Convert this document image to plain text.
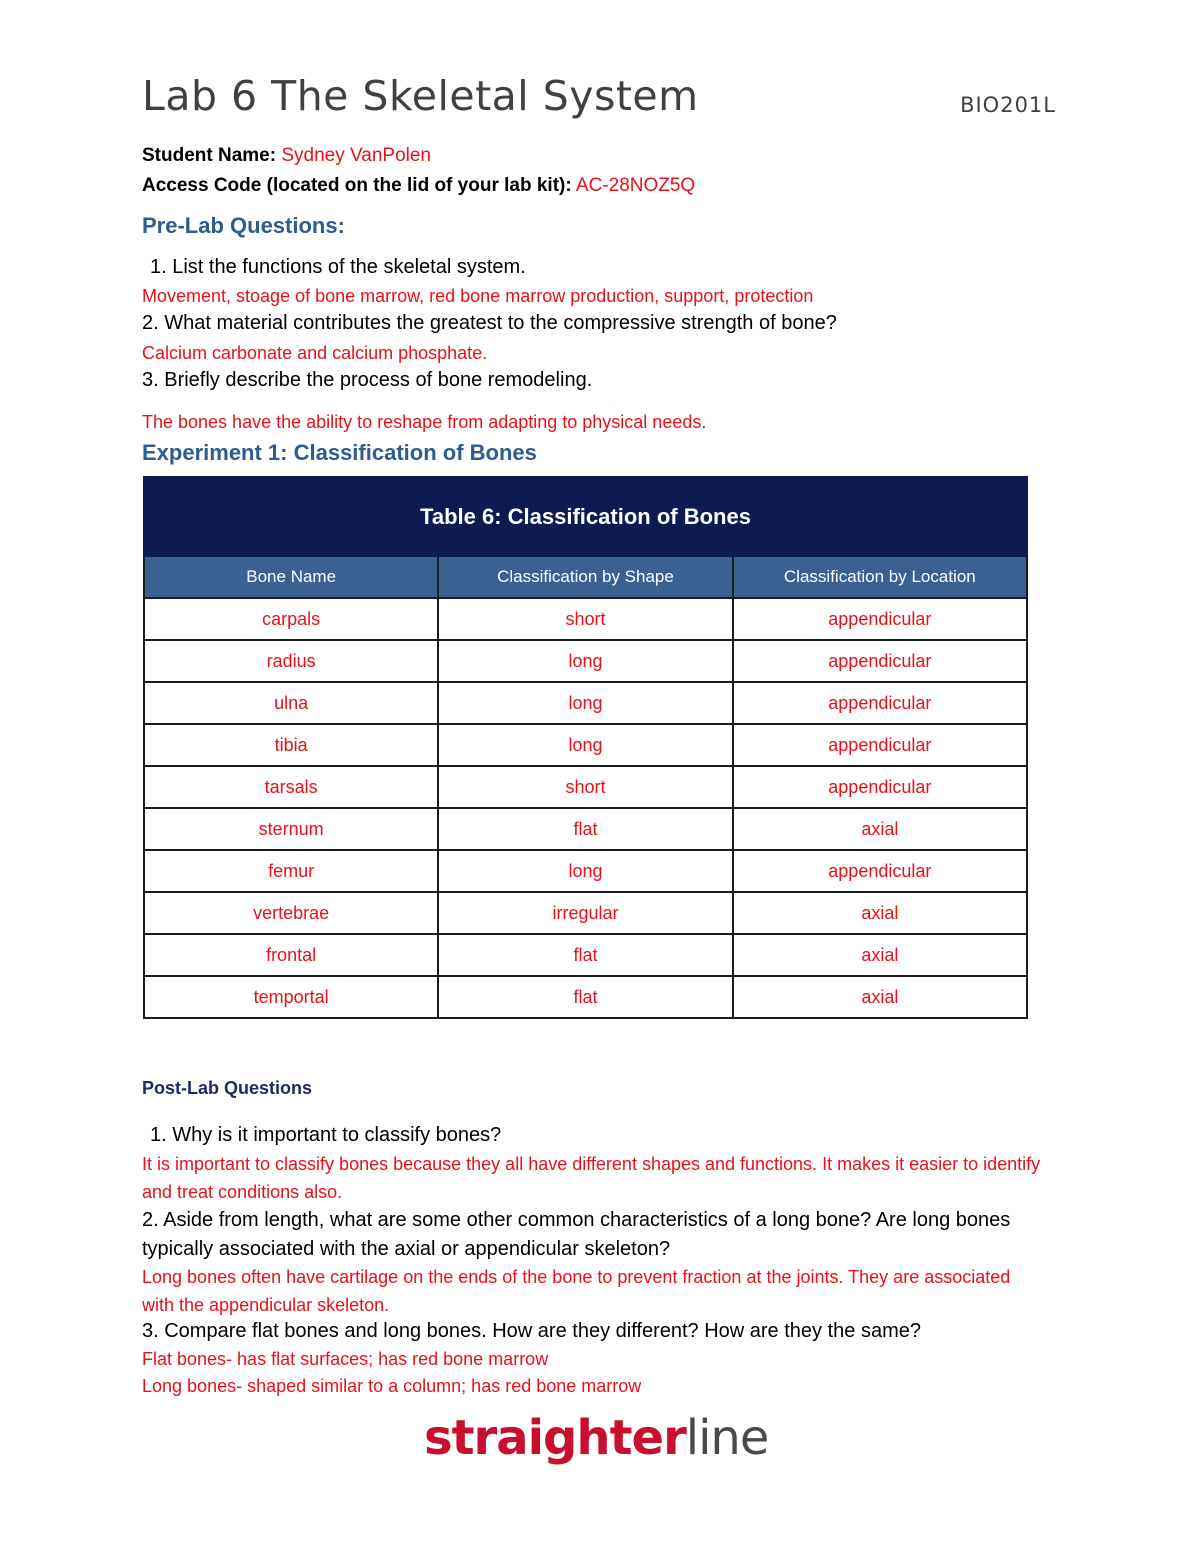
Lab 6 The Skeletal System	BIO201L
Student Name: Sydney VanPolen
Access Code (located on the lid of your lab kit): AC-28NOZ5Q
Pre-Lab Questions:
1. List the functions of the skeletal system.
Movement, stoage of bone marrow, red bone marrow production, support, protection
2. What material contributes the greatest to the compressive strength of bone?
Calcium carbonate and calcium phosphate.
3. Briefly describe the process of bone remodeling.
The bones have the ability to reshape from adapting to physical needs.
Experiment 1: Classification of Bones
Table 6: Classification of Bones		
Bone Name	Classification by Shape	Classification by Location
carpals	short	appendicular
radius	long	appendicular
ulna	long	appendicular
tibia	long	appendicular
tarsals	short	appendicular
sternum	flat	axial
femur	long	appendicular
vertebrae	irregular	axial
frontal	flat	axial
temportal	flat	axial
Post-Lab Questions
1. Why is it important to classify bones?
It is important to classify bones because they all have different shapes and functions. It makes it easier to identify and treat conditions also.
2. Aside from length, what are some other common characteristics of a long bone? Are long bones typically associated with the axial or appendicular skeleton?
Long bones often have cartilage on the ends of the bone to prevent fraction at the joints. They are associated with the appendicular skeleton.
3. Compare flat bones and long bones. How are they different? How are they the same?
Flat bones- has flat surfaces; has red bone marrow
Long bones- shaped similar to a column; has red bone marrow
straighterline
